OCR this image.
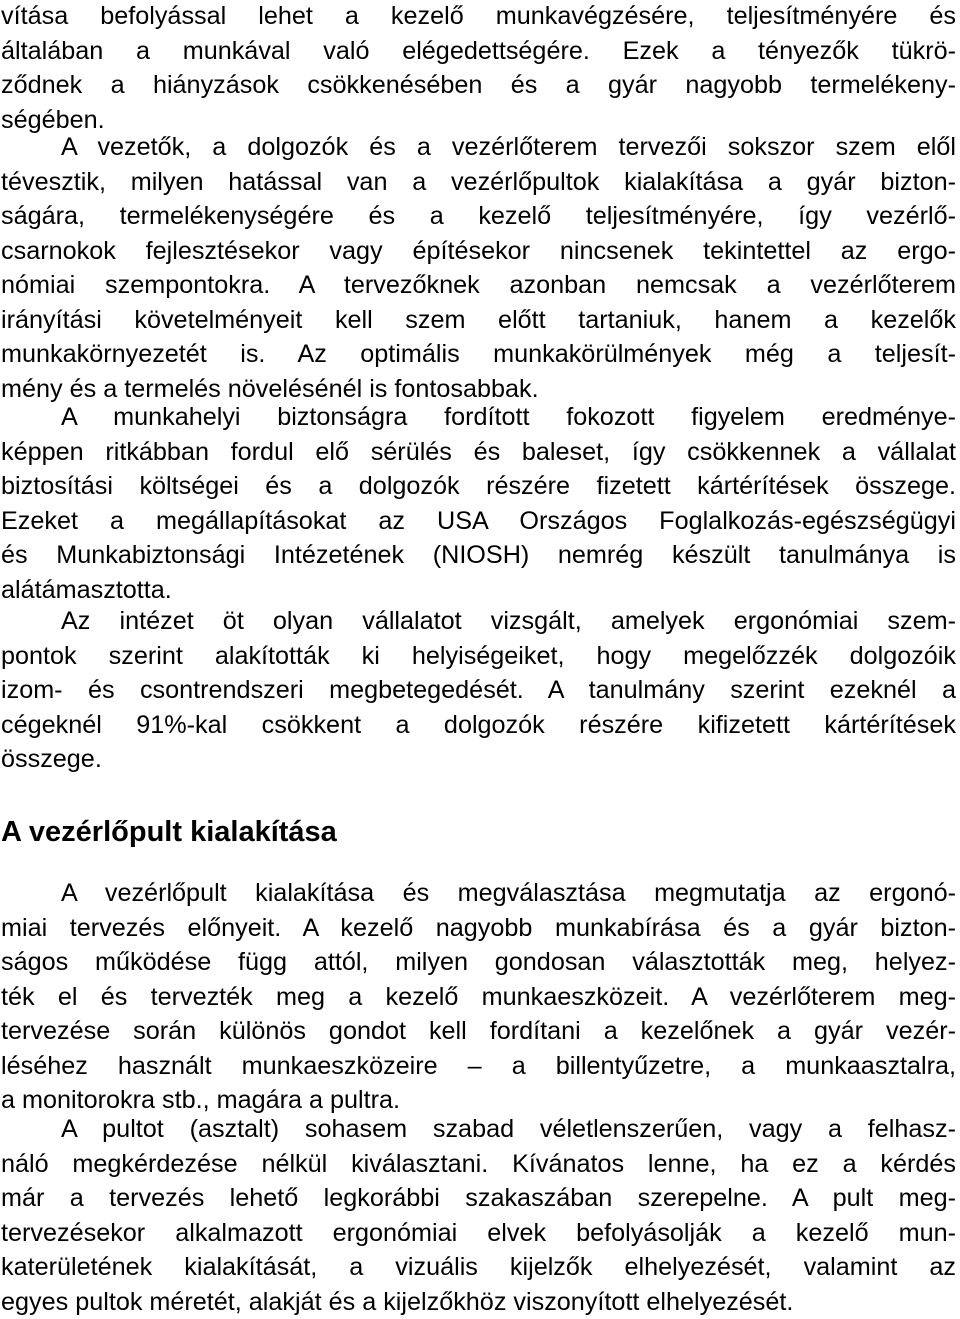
vítása befolyással lehet a kezelő munkavégzésére, teljesítményére és
általában a munkával való elégedettségére. Ezek a tényezők tükrö-
ződnek a hiányzások csökkenésében és a gyár nagyobb termelékeny-
ségében.
A vezetők, a dolgozók és a vezérlőterem tervezői sokszor szem elől
tévesztik, milyen hatással van a vezérlőpultok kialakítása a gyár bizton-
ságára, termelékenységére és a kezelő teljesítményére, így vezérlő-
csarnokok fejlesztésekor vagy építésekor nincsenek tekintettel az ergo-
nómiai szempontokra. A tervezőknek azonban nemcsak a vezérlőterem
irányítási követelményeit kell szem előtt tartaniuk, hanem a kezelők
munkakörnyezetét is. Az optimális munkakörülmények még a teljesít-
mény és a termelés növelésénél is fontosabbak.
A munkahelyi biztonságra fordított fokozott figyelem eredménye-
képpen ritkábban fordul elő sérülés és baleset, így csökkennek a vállalat
biztosítási költségei és a dolgozók részére fizetett kártérítések összege.
Ezeket a megállapításokat az USA Országos Foglalkozás-egészségügyi
és Munkabiztonsági Intézetének (NIOSH) nemrég készült tanulmánya is
alátámasztotta.
Az intézet öt olyan vállalatot vizsgált, amelyek ergonómiai szem-
pontok szerint alakították ki helyiségeiket, hogy megelőzzék dolgozóik
izom- és csontrendszeri megbetegedését. A tanulmány szerint ezeknél a
cégeknél 91%-kal csökkent a dolgozók részére kifizetett kártérítések
összege.
A vezérlőpult kialakítása
A vezérlőpult kialakítása és megválasztása megmutatja az ergonó-
miai tervezés előnyeit. A kezelő nagyobb munkabírása és a gyár bizton-
ságos működése függ attól, milyen gondosan választották meg, helyez-
ték el és tervezték meg a kezelő munkaeszközeit. A vezérlőterem meg-
tervezése során különös gondot kell fordítani a kezelőnek a gyár vezér-
léséhez használt munkaeszközeire – a billentyűzetre, a munkaasztalra,
a monitorokra stb., magára a pultra.
A pultot (asztalt) sohasem szabad véletlenszerűen, vagy a felhasz-
náló megkérdezése nélkül kiválasztani. Kívánatos lenne, ha ez a kérdés
már a tervezés lehető legkorábbi szakaszában szerepelne. A pult meg-
tervezésekor alkalmazott ergonómiai elvek befolyásolják a kezelő mun-
katerületének kialakítását, a vizuális kijelzők elhelyezését, valamint az
egyes pultok méretét, alakját és a kijelzőkhöz viszonyított elhelyezését.
